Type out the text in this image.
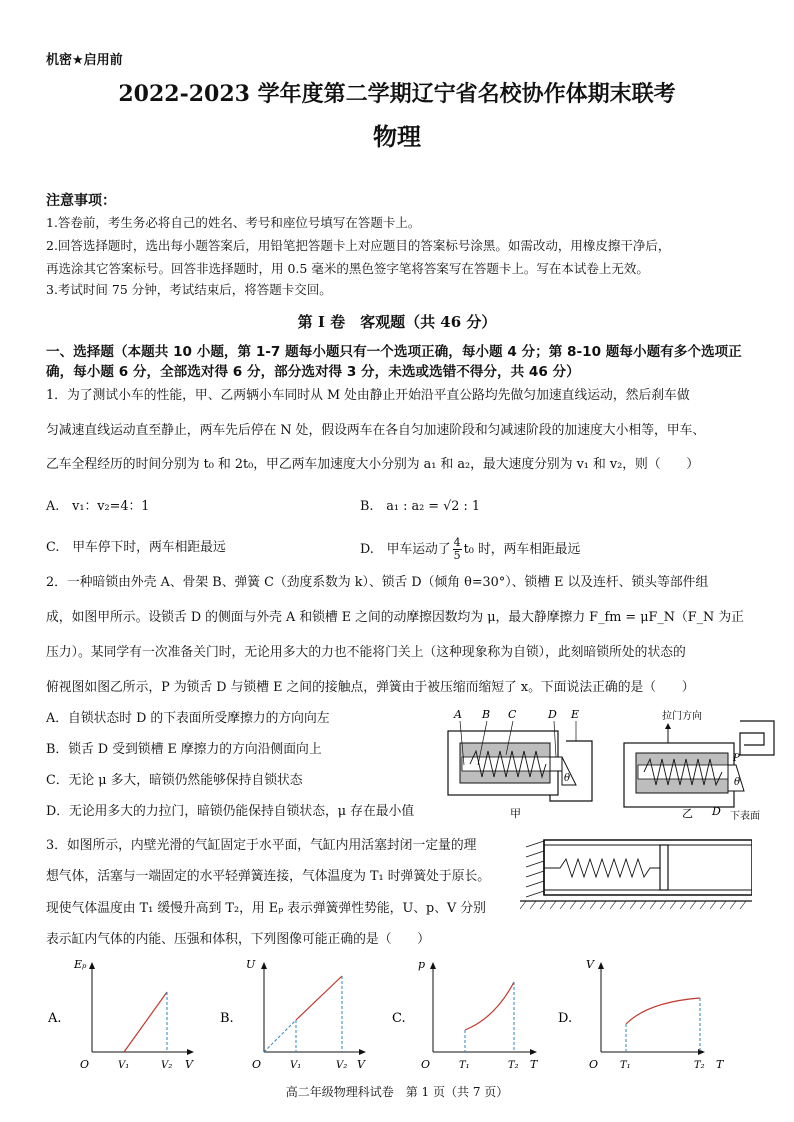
机密★启用前
2022-2023 学年度第二学期辽宁省名校协作体期末联考
物理
注意事项：
1.答卷前，考生务必将自己的姓名、考号和座位号填写在答题卡上。
2.回答选择题时，选出每小题答案后，用铅笔把答题卡上对应题目的答案标号涂黑。如需改动，用橡皮擦干净后，
再选涂其它答案标号。回答非选择题时，用 0.5 毫米的黑色签字笔将答案写在答题卡上。写在本试卷上无效。
3.考试时间 75 分钟，考试结束后，将答题卡交回。
第 I 卷　客观题（共 46 分）
一、选择题（本题共 10 小题，第 1-7 题每小题只有一个选项正确，每小题 4 分；第 8-10 题每小题有多个选项正确，每小题 6 分，全部选对得 6 分，部分选对得 3 分，未选或选错不得分，共 46 分）
1．为了测试小车的性能，甲、乙两辆小车同时从 M 处由静止开始沿平直公路均先做匀加速直线运动，然后刹车做
匀减速直线运动直至静止，两车先后停在 N 处，假设两车在各自匀加速阶段和匀减速阶段的加速度大小相等，甲车、
乙车全程经历的时间分别为 t₀ 和 2t₀，甲乙两车加速度大小分别为 a₁ 和 a₂，最大速度分别为 v₁ 和 v₂，则（　　）
A.　v₁：v₂=4：1	B.　a₁ : a₂ = √2 : 1
C.　甲车停下时，两车相距最远	D.　甲车运动了 $\frac{4}{5} t_0$ 时，两车相距最远
2．一种暗锁由外壳 A、骨架 B、弹簧 C（劲度系数为 k）、锁舌 D（倾角 θ=30°）、锁槽 E 以及连杆、锁头等部件组
成，如图甲所示。设锁舌 D 的侧面与外壳 A 和锁槽 E 之间的动摩擦因数均为 μ，最大静摩擦力 F_fm = μF_N（F_N 为正
压力）。某同学有一次准备关门时，无论用多大的力也不能将门关上（这种现象称为自锁），此刻暗锁所处的状态的
俯视图如图乙所示，P 为锁舌 D 与锁槽 E 之间的接触点，弹簧由于被压缩而缩短了 x。下面说法正确的是（　　）
A．自锁状态时 D 的下表面所受摩擦力的方向向左
B．锁舌 D 受到锁槽 E 摩擦力的方向沿侧面向上
C．无论 μ 多大，暗锁仍然能够保持自锁状态
D．无论用多大的力拉门，暗锁仍能保持自锁状态，μ 存在最小值
A B C	D E
θ
甲
拉门方向
P
θ
乙 D 下表面
3．如图所示，内壁光滑的气缸固定于水平面，气缸内用活塞封闭一定量的理
想气体，活塞与一端固定的水平轻弹簧连接，气体温度为 T₁ 时弹簧处于原长。
现使气体温度由 T₁ 缓慢升高到 T₂，用 Eₚ 表示弹簧弹性势能，U、p、V 分别
表示缸内气体的内能、压强和体积，下列图像可能正确的是（　　）
A.
Eₚ
V
O	V₁	V₂
B.
U
V
O	V₁	V₂
C.
p
T
O	T₁	T₂
D.
V
T
O T₁	T₂
高二年级物理科试卷　第 1 页（共 7 页）
